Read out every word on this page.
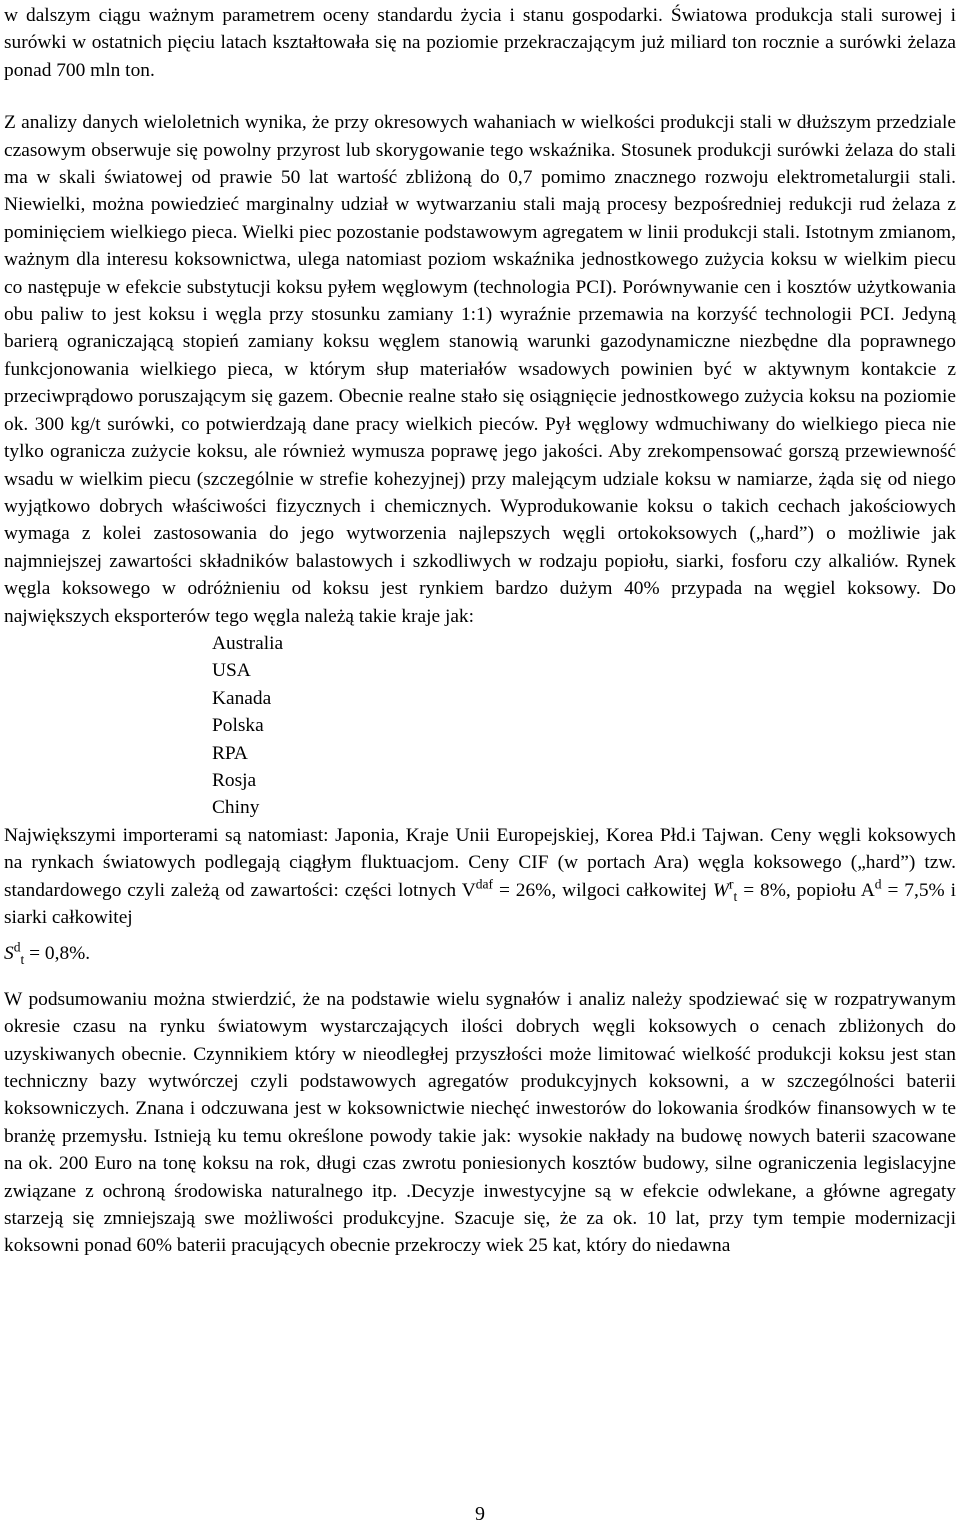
w dalszym ciągu ważnym parametrem oceny standardu życia i stanu gospodarki. Światowa produkcja stali surowej i surówki w ostatnich pięciu latach kształtowała się na poziomie przekraczającym już miliard ton rocznie a surówki żelaza ponad 700 mln ton.

Z analizy danych wieloletnich wynika, że przy okresowych wahaniach w wielkości produkcji stali w dłuższym przedziale czasowym obserwuje się powolny przyrost lub skorygowanie tego wskaźnika. Stosunek produkcji surówki żelaza do stali ma w skali światowej od prawie 50 lat wartość zbliżoną do 0,7 pomimo znacznego rozwoju elektrometalurgii stali. Niewielki, można powiedzieć marginalny udział w wytwarzaniu stali mają procesy bezpośredniej redukcji rud żelaza z pominięciem wielkiego pieca. Wielki piec pozostanie podstawowym agregatem w linii produkcji stali. Istotnym zmianom, ważnym dla interesu koksownictwa, ulega natomiast poziom wskaźnika jednostkowego zużycia koksu w wielkim piecu co następuje w efekcie substytucji koksu pyłem węglowym (technologia PCI). Porównywanie cen i kosztów użytkowania obu paliw to jest koksu i węgla przy stosunku zamiany 1:1) wyraźnie przemawia na korzyść technologii PCI. Jedyną barierą ograniczającą stopień zamiany koksu węglem stanowią warunki gazodynamiczne niezbędne dla poprawnego funkcjonowania wielkiego pieca, w którym słup materiałów wsadowych powinien być w aktywnym kontakcie z przeciwprądowo poruszającym się gazem. Obecnie realne stało się osiągnięcie jednostkowego zużycia koksu na poziomie ok. 300 kg/t surówki, co potwierdzają dane pracy wielkich pieców. Pył węglowy wdmuchiwany do wielkiego pieca nie tylko ogranicza zużycie koksu, ale również wymusza poprawę jego jakości. Aby zrekompensować gorszą przewiewność wsadu w wielkim piecu (szczególnie w strefie kohezyjnej) przy malejącym udziale koksu w namiarze, żąda się od niego wyjątkowo dobrych właściwości fizycznych i chemicznych. Wyprodukowanie koksu o takich cechach jakościowych wymaga z kolei zastosowania do jego wytworzenia najlepszych węgli ortokoksowych („hard”) o możliwie jak najmniejszej zawartości składników balastowych i szkodliwych w rodzaju popiołu, siarki, fosforu czy alkaliów. Rynek węgla koksowego w odróżnieniu od koksu jest rynkiem bardzo dużym 40% przypada na węgiel koksowy. Do największych eksporterów tego węgla należą takie kraje jak:

Australia
USA
Kanada
Polska
RPA
Rosja
Chiny

Największymi importerami są natomiast: Japonia, Kraje Unii Europejskiej, Korea Płd.i Tajwan. Ceny węgli koksowych na rynkach światowych podlegają ciągłym fluktuacjom. Ceny CIF (w portach Ara) węgla koksowego („hard”) tzw. standardowego czyli zależą od zawartości: części lotnych $V^{daf} = 26\%$, wilgoci całkowitej $W^r_t = 8\%$, popiołu $A^d = 7,5\%$ i siarki całkowitej

$S^d_t = 0,8\%$.

W podsumowaniu można stwierdzić, że na podstawie wielu sygnałów i analiz należy spodziewać się w rozpatrywanym okresie czasu na rynku światowym wystarczających ilości dobrych węgli koksowych o cenach zbliżonych do uzyskiwanych obecnie. Czynnikiem który w nieodległej przyszłości może limitować wielkość produkcji koksu jest stan techniczny bazy wytwórczej czyli podstawowych agregatów produkcyjnych koksowni, a w szczególności baterii koksowniczych. Znana i odczuwana jest w koksownictwie niechęć inwestorów do lokowania środków finansowych w te branżę przemysłu. Istnieją ku temu określone powody takie jak: wysokie nakłady na budowę nowych baterii szacowane na ok. 200 Euro na tonę koksu na rok, długi czas zwrotu poniesionych kosztów budowy, silne ograniczenia legislacyjne związane z ochroną środowiska naturalnego itp. .Decyzje inwestycyjne są w efekcie odwlekane, a główne agregaty starzeją się zmniejszają swe możliwości produkcyjne. Szacuje się, że za ok. 10 lat, przy tym tempie modernizacji koksowni ponad 60% baterii pracujących obecnie przekroczy wiek 25 kat, który do niedawna

9
